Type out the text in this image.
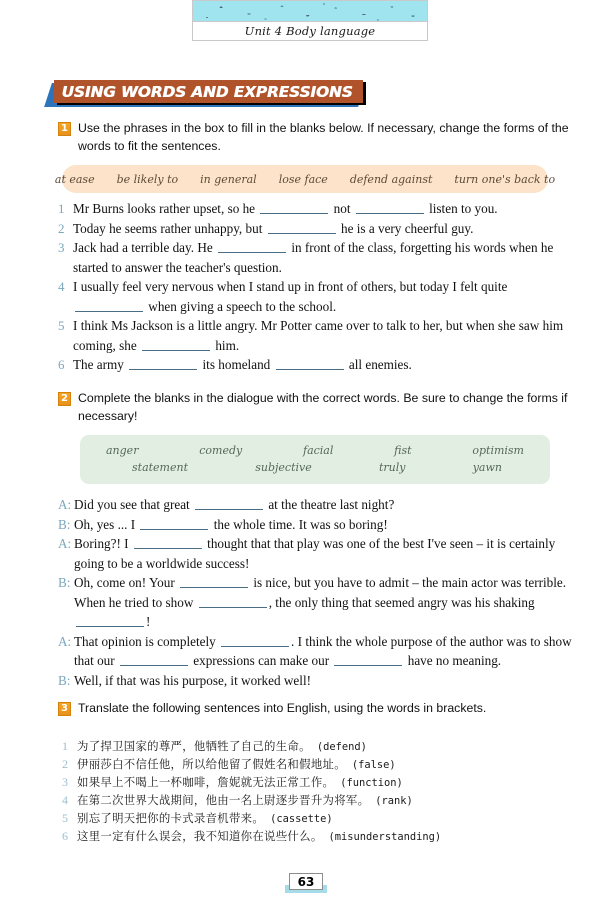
Unit 4 Body language
USING WORDS AND EXPRESSIONS
1 Use the phrases in the box to fill in the blanks below. If necessary, change the forms of the words to fit the sentences.
at ease be likely to in general lose face defend against turn one's back to
1 Mr Burns looks rather upset, so he	not	listen to you.
2 Today he seems rather unhappy, but	he is a very cheerful guy.
3 Jack had a terrible day. He	in front of the class, forgetting his words when he started to answer the teacher's question.
4 I usually feel very nervous when I stand up in front of others, but today I felt quite  when giving a speech to the school.
5 I think Ms Jackson is a little angry. Mr Potter came over to talk to her, but when she saw him coming, she	him.
6 The army	its homeland	all enemies.
2 Complete the blanks in the dialogue with the correct words. Be sure to change the forms if necessary!
anger	comedy	facial	fist	optimism
statement	subjective	truly	yawn
A: Did you see that great	at the theatre last night?
B: Oh, yes ... I	the whole time. It was so boring!
A: Boring?! I	thought that that play was one of the best I've seen – it is certainly going to be a worldwide success!
B: Oh, come on! Your	is nice, but you have to admit – the main actor was terrible. When he tried to show	, the only thing that seemed angry was his shaking !
A: That opinion is completely	. I think the whole purpose of the author was to show that our	expressions can make our	have no meaning.
B: Well, if that was his purpose, it worked well!
3 Translate the following sentences into English, using the words in brackets.
1 为了捍卫国家的尊严，他牺牲了自己的生命。 (defend)
2 伊丽莎白不信任他，所以给他留了假姓名和假地址。 (false)
3 如果早上不喝上一杯咖啡，詹妮就无法正常工作。 (function)
4 在第二次世界大战期间，他由一名上尉逐步晋升为将军。 (rank)
5 别忘了明天把你的卡式录音机带来。 (cassette)
6 这里一定有什么误会，我不知道你在说些什么。 (misunderstanding)
63
